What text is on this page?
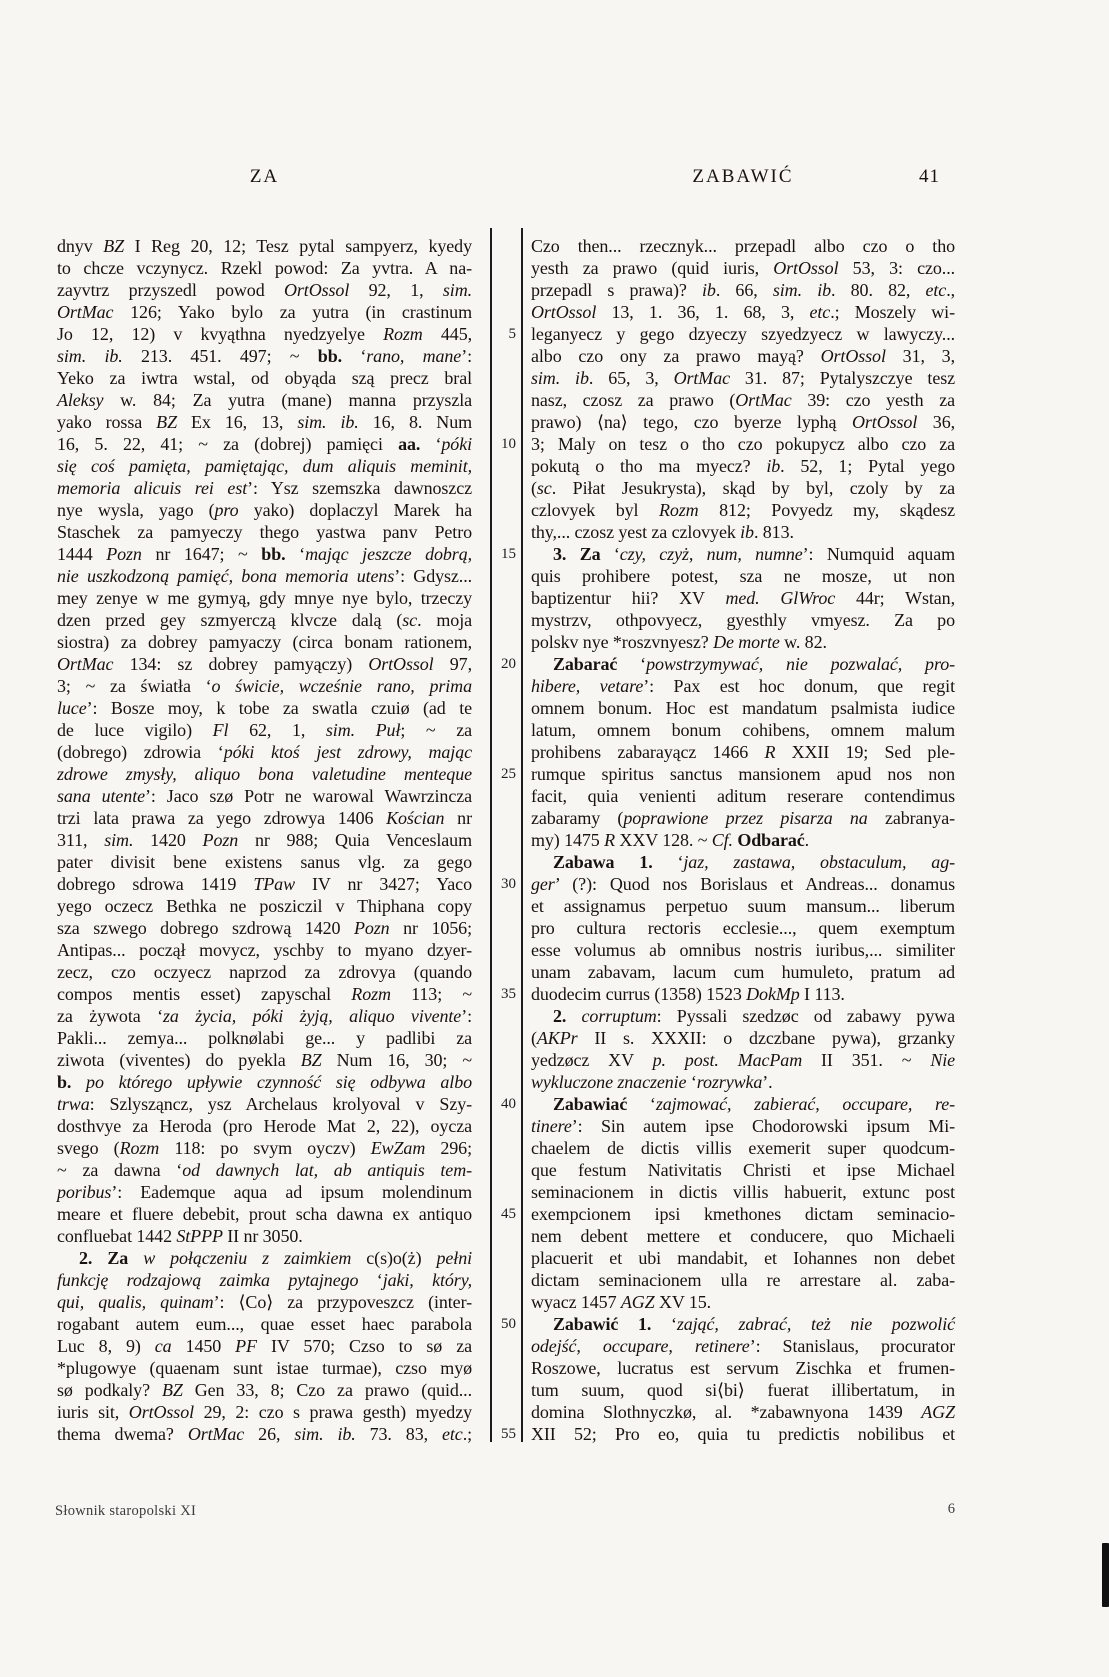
ZA	ZABAWIĆ	41
dnyv BZ I Reg 20, 12; Tesz pytal sampyerz, kyedy
to chcze vczynycz. Rzekl powod: Za yvtra. A na-
zayvtrz przyszedl powod OrtOssol 92, 1, sim.
OrtMac 126; Yako bylo za yutra (in crastinum
Jo 12, 12) v kvyąthna nyedzyelye Rozm 445,
sim. ib. 213. 451. 497; ~ bb. ‘rano, mane’:
Yeko za iwtra wstal, od obyąda szą precz bral
Aleksy w. 84; Za yutra (mane) manna przyszla
yako rossa BZ Ex 16, 13, sim. ib. 16, 8. Num
16, 5. 22, 41; ~ za (dobrej) pamięci aa. ‘póki
się coś pamięta, pamiętając, dum aliquis meminit,
memoria alicuis rei est’: Ysz szemszka dawnoszcz
nye wysla, yago (pro yako) doplaczyl Marek ha
Staschek za pamyeczy thego yastwa panv Petro
1444 Pozn nr 1647; ~ bb. ‘mając jeszcze dobrą,
nie uszkodzoną pamięć, bona memoria utens’: Gdysz...
mey zenye w me gymyą, gdy mnye nye bylo, trzeczy
dzen przed gey szmyerczą klvcze dalą (sc. moja
siostra) za dobrey pamyaczy (circa bonam rationem,
OrtMac 134: sz dobrey pamyączy) OrtOssol 97,
3; ~ za światła ‘o świcie, wcześnie rano, prima
luce’: Bosze moy, k tobe za swatla czuiø (ad te
de luce vigilo) Fl 62, 1, sim. Puł; ~ za
(dobrego) zdrowia ‘póki ktoś jest zdrowy, mając
zdrowe zmysły, aliquo bona valetudine menteque
sana utente’: Jaco szø Potr ne warowal Wawrzincza
trzi lata prawa za yego zdrowya 1406 Kościan nr
311, sim. 1420 Pozn nr 988; Quia Venceslaum
pater divisit bene existens sanus vlg. za gego
dobrego sdrowa 1419 TPaw IV nr 3427; Yaco
yego oczecz Bethka ne posziczil v Thiphana copy
sza szwego dobrego szdrową 1420 Pozn nr 1056;
Antipas... począł movycz, yschby to myano dzyer-
zecz, czo oczyecz naprzod za zdrovya (quando
compos mentis esset) zapyschal Rozm 113; ~
za żywota ‘za życia, póki żyją, aliquo vivente’:
Pakli... zemya... polknølabi ge... y padlibi za
ziwota (viventes) do pyekla BZ Num 16, 30; ~
b. po którego upływie czynność się odbywa albo
trwa: Szlysząncz, ysz Archelaus krolyoval v Szy-
dosthvye za Heroda (pro Herode Mat 2, 22), oycza
svego (Rozm 118: po svym oyczv) EwZam 296;
~ za dawna ‘od dawnych lat, ab antiquis tem-
poribus’: Eademque aqua ad ipsum molendinum
meare et fluere debebit, prout scha dawna ex antiquo
confluebat 1442 StPPP II nr 3050.
2. Za w połączeniu z zaimkiem c(s)o(ż) pełni
funkcję rodzajową zaimka pytajnego ‘jaki, który,
qui, qualis, quinam’: ⟨Co⟩ za przypoveszcz (inter-
rogabant autem eum..., quae esset haec parabola
Luc 8, 9) ca 1450 PF IV 570; Czso to sø za
*plugowye (quaenam sunt istae turmae), czso myø
sø podkaly? BZ Gen 33, 8; Czo za prawo (quid...
iuris sit, OrtOssol 29, 2: czo s prawa gesth) myedzy
thema dwema? OrtMac 26, sim. ib. 73. 83, etc.;
Czo then... rzecznyk... przepadl albo czo o tho
yesth za prawo (quid iuris, OrtOssol 53, 3: czo...
przepadl s prawa)? ib. 66, sim. ib. 80. 82, etc.,
OrtOssol 13, 1. 36, 1. 68, 3, etc.; Moszely wi-
leganyecz y gego dzyeczy szyedzyecz w lawyczy...
albo czo ony za prawo mayą? OrtOssol 31, 3,
sim. ib. 65, 3, OrtMac 31. 87; Pytalyszczye tesz
nasz, czosz za prawo (OrtMac 39: czo yesth za
prawo) ⟨na⟩ tego, czo byerze lyphą OrtOssol 36,
3; Maly on tesz o tho czo pokupycz albo czo za
pokutą o tho ma myecz? ib. 52, 1; Pytal yego
(sc. Piłat Jesukrysta), skąd by byl, czoly by za
czlovyek byl Rozm 812; Povyedz my, skądesz
thy,... czosz yest za czlovyek ib. 813.
3. Za ‘czy, czyż, num, numne’: Numquid aquam
quis prohibere potest, sza ne mosze, ut non
baptizentur hii? XV med. GlWroc 44r; Wstan,
mystrzv, othpovyecz, gyesthly vmyesz. Za po
polskv nye *roszvnyesz? De morte w. 82.
Zabarać ‘powstrzymywać, nie pozwalać, pro-
hibere, vetare’: Pax est hoc donum, que regit
omnem bonum. Hoc est mandatum psalmista iudice
latum, omnem bonum cohibens, omnem malum
prohibens zabarayącz 1466 R XXII 19; Sed ple-
rumque spiritus sanctus mansionem apud nos non
facit, quia venienti aditum reserare contendimus
zabaramy (poprawione przez pisarza na zabranya-
my) 1475 R XXV 128. ~ Cf. Odbarać.
Zabawa 1. ‘jaz, zastawa, obstaculum, ag-
ger’ (?): Quod nos Borislaus et Andreas... donamus
et assignamus perpetuo suum mansum... liberum
pro cultura rectoris ecclesie..., quem exemptum
esse volumus ab omnibus nostris iuribus,... similiter
unam zabavam, lacum cum humuleto, pratum ad
duodecim currus (1358) 1523 DokMp I 113.
2. corruptum: Pyssali szedzøc od zabawy pywa
(AKPr II s. XXXII: o dzczbane pywa), grzanky
yedzøcz XV p. post. MacPam II 351. ~ Nie
wykluczone znaczenie ‘rozrywka’.
Zabawiać ‘zajmować, zabierać, occupare, re-
tinere’: Sin autem ipse Chodorowski ipsum Mi-
chaelem de dictis villis exemerit super quodcum-
que festum Nativitatis Christi et ipse Michael
seminacionem in dictis villis habuerit, extunc post
exempcionem ipsi kmethones dictam seminacio-
nem debent mettere et conducere, quo Michaeli
placuerit et ubi mandabit, et Iohannes non debet
dictam seminacionem ulla re arrestare al. zaba-
wyacz 1457 AGZ XV 15.
Zabawić 1. ‘zająć, zabrać, też nie pozwolić
odejść, occupare, retinere’: Stanislaus, procurator
Roszowe, lucratus est servum Zischka et frumen-
tum suum, quod si⟨bi⟩ fuerat illibertatum, in
domina Slothnyczkø, al. *zabawnyona 1439 AGZ
XII 52; Pro eo, quia tu predictis nobilibus et
Słownik staropolski XI	6
5
10
15
20
25
30
35
40
45
50
55
